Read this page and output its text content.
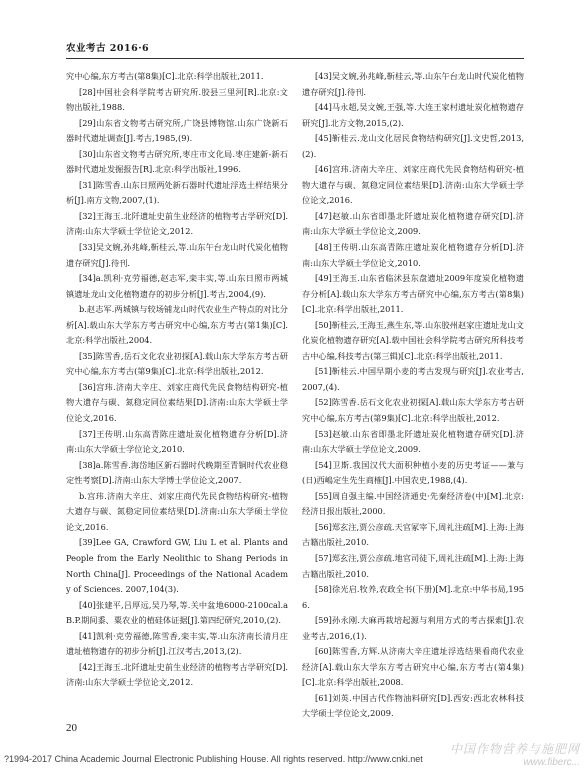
农业考古 2016·6

究中心编,东方考古(第8集)[C].北京:科学出版社,2011.

[28]中国社会科学院考古研究所.胶县三里河[R].北京:文物出版社,1988.

[29]山东省文物考古研究所,广饶县博物馆.山东广饶新石器时代遗址调查[J].考古,1985,(9).

[30]山东省文物考古研究所,枣庄市文化局.枣庄建新-新石器时代遗址发掘报告[R].北京:科学出版社,1996.

[31]陈雪香.山东日照两处新石器时代遗址浮选土样结果分析[J].南方文物,2007,(1).

[32]王海玉.北阡遗址史前生业经济的植物考古学研究[D].济南:山东大学硕士学位论文,2012.

[33]吴文婉,孙兆峰,靳桂云,等.山东午台龙山时代炭化植物遗存研究[J].待刊.

[34]a.凯利·克劳福德,赵志军,栾丰实,等.山东日照市两城镇遗址龙山文化植物遗存的初步分析[J].考古,2004,(9).

b.赵志军.两城镇与较场铺龙山时代农业生产特点的对比分析[A].载山东大学东方考古研究中心编,东方考古(第1集)[C].北京:科学出版社,2004.

[35]陈雪香,岳石文化农业初探[A].载山东大学东方考古研究中心编,东方考古(第9集)[C].北京:科学出版社,2012.

[36]宫玮.济南大辛庄、刘家庄商代先民食物结构研究-植物大遗存与碳、氮稳定同位素结果[D].济南:山东大学硕士学位论文,2016.

[37]王传明.山东高青陈庄遗址炭化植物遗存分析[D].济南:山东大学硕士学位论文,2010.

[38]a.陈雪香.海岱地区新石器时代晚期至青铜时代农业稳定性考察[D].济南:山东大学博士学位论文,2007.

b.宫玮.济南大辛庄、刘家庄商代先民食物结构研究-植物大遗存与碳、氮稳定同位素结果[D].济南:山东大学硕士学位论文,2016.

[39]Lee GA, Crawford GW, Liu L et al. Plants and People from the Early Neolithic to Shang Periods in North China[J]. Proceedings of the National Academy of Sciences. 2007,104(3).

[40]张建平,吕厚远,吴乃琴,等.关中盆地6000-2100cal.aB.P.期间黍、粟农业的植硅体证据[J].第四纪研究,2010,(2).

[41]凯利·克劳福德,陈雪香,栾丰实,等.山东济南长清月庄遗址植物遗存的初步分析[J].江汉考古,2013,(2).

[42]王海玉.北阡遗址史前生业经济的植物考古学研究[D].济南:山东大学硕士学位论文,2012.

[43]吴文婉,孙兆峰,靳桂云,等.山东午台龙山时代炭化植物遗存研究[J].待刊.

[44]马永超,吴文婉,王强,等.大连王家村遗址炭化植物遗存研究[J].北方文物,2015,(2).

[45]靳桂云.龙山文化居民食物结构研究[J].文史哲,2013,(2).

[46]宫玮.济南大辛庄、刘家庄商代先民食物结构研究-植物大遗存与碳、氮稳定同位素结果[D].济南:山东大学硕士学位论文,2016.

[47]赵敏.山东省即墨北阡遗址炭化植物遗存研究[D].济南:山东大学硕士学位论文,2009.

[48]王传明.山东高青陈庄遗址炭化植物遗存分析[D].济南:山东大学硕士学位论文,2010.

[49]王海玉.山东省临沭县东盘遗址2009年度炭化植物遗存分析[A].载山东大学东方考古研究中心编,东方考古(第8集)[C].北京:科学出版社,2011.

[50]靳桂云,王海玉,燕生东,等.山东胶州赵家庄遗址龙山文化炭化植物遗存研究[A].载中国社会科学院考古研究所科技考古中心编,科技考古(第三辑)[C].北京:科学出版社,2011.

[51]靳桂云.中国早期小麦的考古发现与研究[J].农业考古,2007,(4).

[52]陈雪香.岳石文化农业初探[A].载山东大学东方考古研究中心编,东方考古(第9集)[C].北京:科学出版社,2012.

[53]赵敏.山东省即墨北阡遗址炭化植物遗存研究[D].济南:山东大学硕士学位论文,2009.

[54]卫斯.我国汉代大面积种植小麦的历史考证——兼与(日)西嶋定生先生商榷[J].中国农史,1988,(4).

[55]周自强主编.中国经济通史·先秦经济卷(中)[M].北京:经济日报出版社,2000.

[56]郑玄注,贾公彦疏.天官冢宰下,周礼注疏[M].上海:上海古籍出版社,2010.

[57]郑玄注,贾公彦疏.地官司徒下,周礼注疏[M].上海:上海古籍出版社,2010.

[58]徐光启.牧养,农政全书(下册)[M].北京:中华书局,1956.

[59]孙永刚.大麻再栽培起源与利用方式的考古探索[J].农业考古,2016,(1).

[60]陈雪香,方辉.从济南大辛庄遗址浮选结果看商代农业经济[A].载山东大学东方考古研究中心编,东方考古(第4集)[C].北京:科学出版社,2008.

[61]刘英.中国古代作物油料研究[D].西安:西北农林科技大学硕士学位论文,2009.

20
?1994-2017 China Academic Journal Electronic Publishing House. All rights reserved. http://www.cnki.net
中国作物营养与施肥网
www.fiberc...
